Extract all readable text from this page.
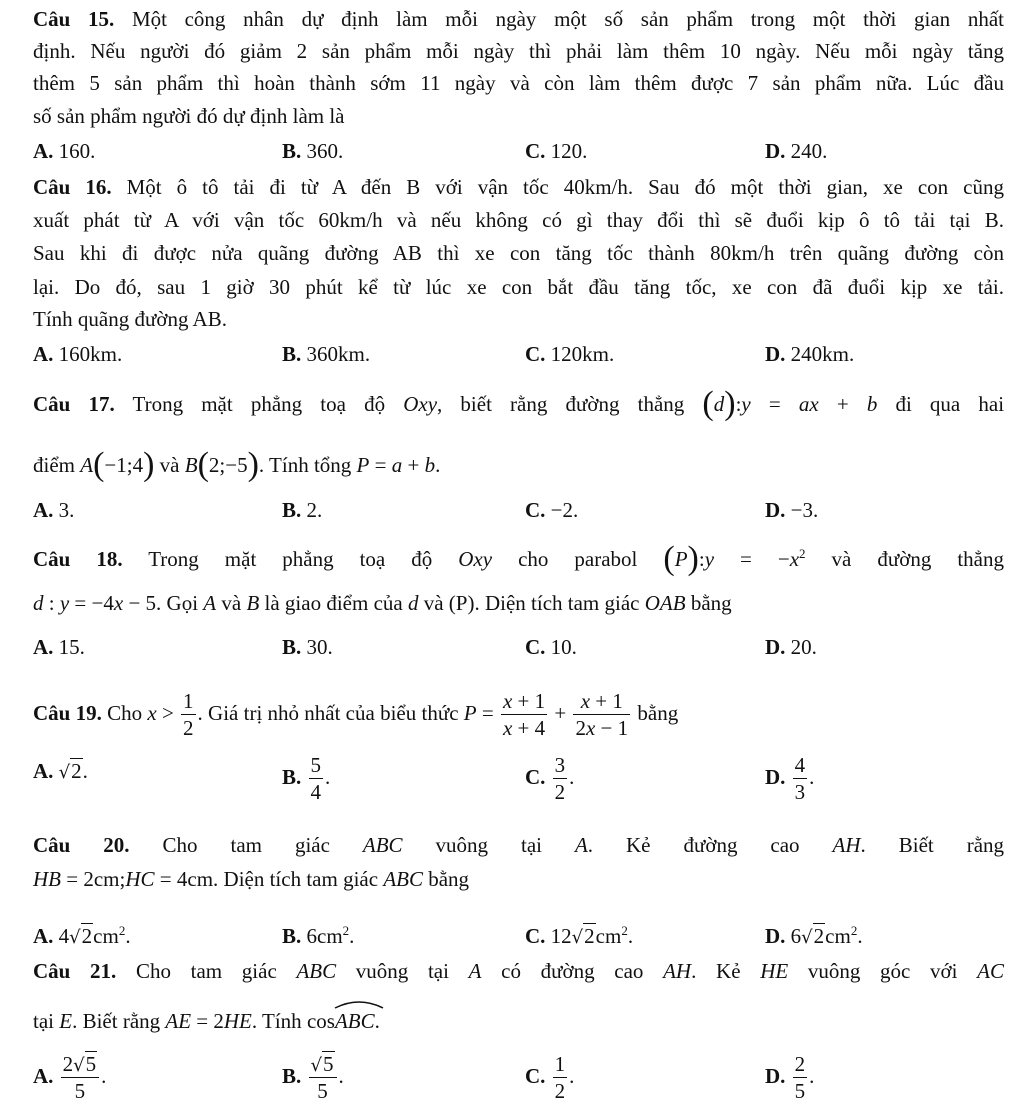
Câu 15. Một công nhân dự định làm mỗi ngày một số sản phẩm trong một thời gian nhất
định. Nếu người đó giảm 2 sản phẩm mỗi ngày thì phải làm thêm 10 ngày. Nếu mỗi ngày tăng
thêm 5 sản phẩm thì hoàn thành sớm 11 ngày và còn làm thêm được 7 sản phẩm nữa. Lúc đầu
số sản phẩm người đó dự định làm là
A. 160.	B. 360.	C. 120.	D. 240.
Câu 16. Một ô tô tải đi từ A đến B với vận tốc 40km/h. Sau đó một thời gian, xe con cũng
xuất phát từ A với vận tốc 60km/h và nếu không có gì thay đổi thì sẽ đuổi kịp ô tô tải tại B.
Sau khi đi được nửa quãng đường AB thì xe con tăng tốc thành 80km/h trên quãng đường còn
lại. Do đó, sau 1 giờ 30 phút kể từ lúc xe con bắt đầu tăng tốc, xe con đã đuổi kịp xe tải.
Tính quãng đường AB.
A. 160km.	B. 360km.	C. 120km.	D. 240km.
Câu 17. Trong mặt phẳng toạ độ Oxy, biết rằng đường thẳng (d):y = ax + b đi qua hai
điểm A(−1;4) và B(2;−5). Tính tổng P = a + b.
A. 3.	B. 2.	C. −2.	D. −3.
Câu 18. Trong mặt phẳng toạ độ Oxy cho parabol (P):y = $-x^2$ và đường thẳng
d : y = −4x − 5. Gọi A và B là giao điểm của d và (P). Diện tích tam giác OAB bằng
A. 15.	B. 30.	C. 10.	D. 20.
Câu 19. Cho $x > \frac{1}{2}$ . Giá trị nhỏ nhất của biểu thức $P = \frac{x + 1}{x + 4} + \frac{x + 1}{2x - 1}$ bằng
A. √2.	B. $\frac{5}{4}$ .	C. $\frac{3}{2}$ .	D. $\frac{4}{3}$ .
Câu 20. Cho tam giác ABC vuông tại A. Kẻ đường cao AH. Biết rằng
HB = 2cm;HC = 4cm. Diện tích tam giác ABC bằng
A. $4√2cm^2$.	B. $6cm^2$.	C. $12√2cm^2$.	D. $6√2cm^2$.
Câu 21. Cho tam giác ABC vuông tại A có đường cao AH. Kẻ HE vuông góc với AC
tại E. Biết rằng AE = 2HE. Tính cos
ABC.
A. $\frac{2√5}{5}$ .	B. $\frac{√5}{5}$ .	C. $\frac{1}{2}$ .	D. $\frac{2}{5}$ .
